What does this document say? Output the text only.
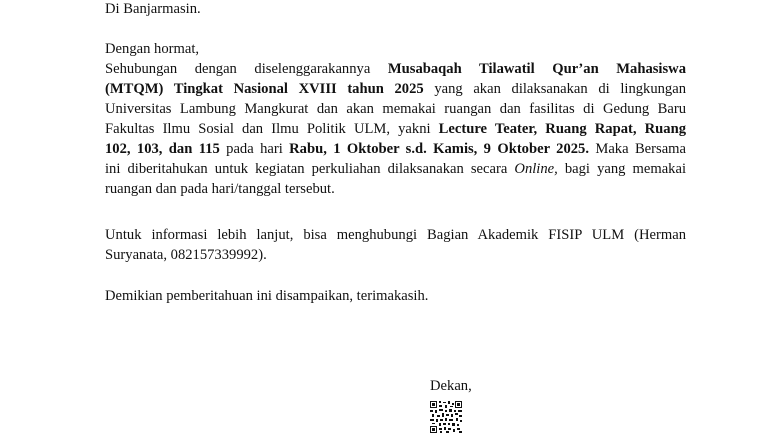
Di Banjarmasin.
Dengan hormat,
Sehubungan dengan diselenggarakannya Musabaqah Tilawatil Qur’an Mahasiswa
(MTQM) Tingkat Nasional XVIII tahun 2025 yang akan dilaksanakan di lingkungan
Universitas Lambung Mangkurat dan akan memakai ruangan dan fasilitas di Gedung Baru
Fakultas Ilmu Sosial dan Ilmu Politik ULM, yakni Lecture Teater, Ruang Rapat, Ruang
102, 103, dan 115 pada hari Rabu, 1 Oktober s.d. Kamis, 9 Oktober 2025. Maka Bersama
ini diberitahukan untuk kegiatan perkuliahan dilaksanakan secara Online, bagi yang memakai
ruangan dan pada hari/tanggal tersebut.
Untuk informasi lebih lanjut, bisa menghubungi Bagian Akademik FISIP ULM (Herman
Suryanata, 082157339992).
Demikian pemberitahuan ini disampaikan, terimakasih.
Dekan,
